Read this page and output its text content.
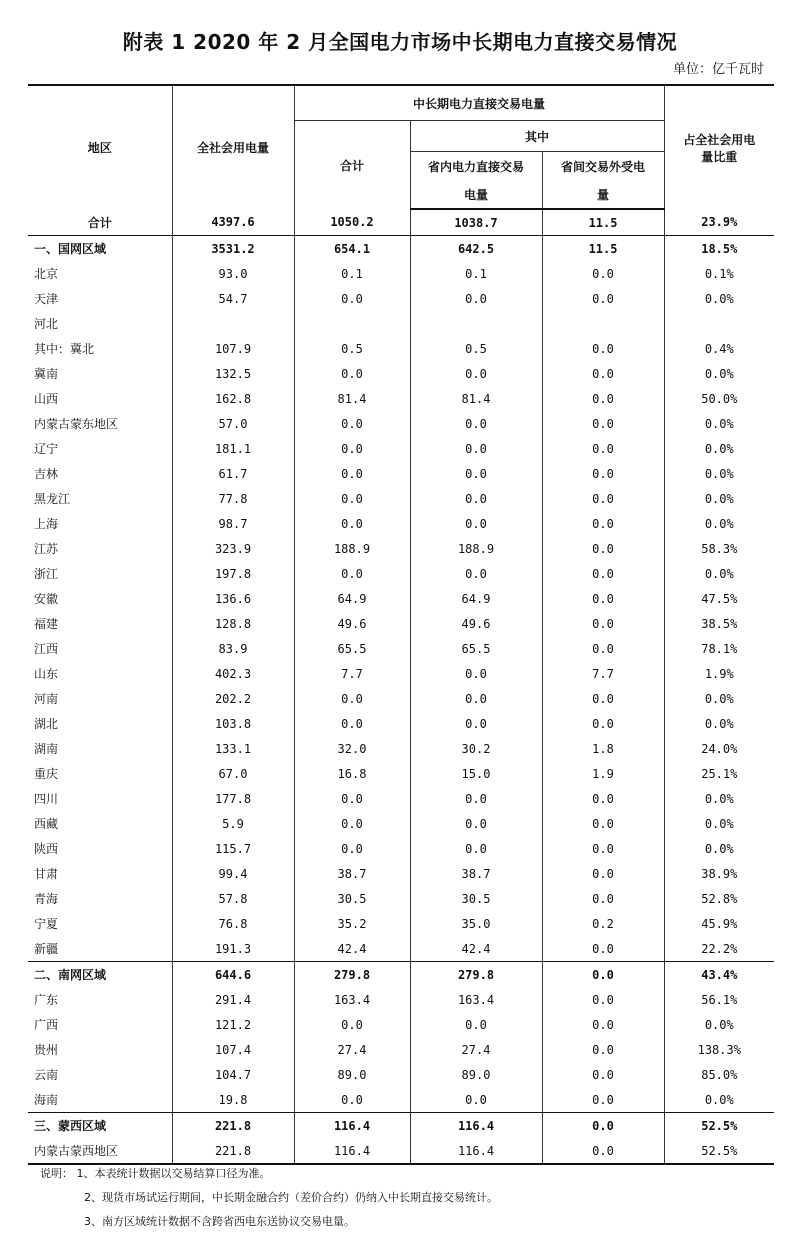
附表 1 2020 年 2 月全国电力市场中长期电力直接交易情况
单位：亿千瓦时
地区	全社会用电量	中长期电力直接交易电量			占全社会用电
量比重
		合计	其中		
			省内电力直接交易	省间交易外受电	
			电量	量	
合计	4397.6	1050.2	1038.7	11.5	23.9%
一、国网区域	3531.2	654.1	642.5	11.5	18.5%
北京	93.0	0.1	0.1	0.0	0.1%
天津	54.7	0.0	0.0	0.0	0.0%
河北					
其中：冀北	107.9	0.5	0.5	0.0	0.4%
冀南	132.5	0.0	0.0	0.0	0.0%
山西	162.8	81.4	81.4	0.0	50.0%
内蒙古蒙东地区	57.0	0.0	0.0	0.0	0.0%
辽宁	181.1	0.0	0.0	0.0	0.0%
吉林	61.7	0.0	0.0	0.0	0.0%
黑龙江	77.8	0.0	0.0	0.0	0.0%
上海	98.7	0.0	0.0	0.0	0.0%
江苏	323.9	188.9	188.9	0.0	58.3%
浙江	197.8	0.0	0.0	0.0	0.0%
安徽	136.6	64.9	64.9	0.0	47.5%
福建	128.8	49.6	49.6	0.0	38.5%
江西	83.9	65.5	65.5	0.0	78.1%
山东	402.3	7.7	0.0	7.7	1.9%
河南	202.2	0.0	0.0	0.0	0.0%
湖北	103.8	0.0	0.0	0.0	0.0%
湖南	133.1	32.0	30.2	1.8	24.0%
重庆	67.0	16.8	15.0	1.9	25.1%
四川	177.8	0.0	0.0	0.0	0.0%
西藏	5.9	0.0	0.0	0.0	0.0%
陕西	115.7	0.0	0.0	0.0	0.0%
甘肃	99.4	38.7	38.7	0.0	38.9%
青海	57.8	30.5	30.5	0.0	52.8%
宁夏	76.8	35.2	35.0	0.2	45.9%
新疆	191.3	42.4	42.4	0.0	22.2%
二、南网区域	644.6	279.8	279.8	0.0	43.4%
广东	291.4	163.4	163.4	0.0	56.1%
广西	121.2	0.0	0.0	0.0	0.0%
贵州	107.4	27.4	27.4	0.0	138.3%
云南	104.7	89.0	89.0	0.0	85.0%
海南	19.8	0.0	0.0	0.0	0.0%
三、蒙西区域	221.8	116.4	116.4	0.0	52.5%
内蒙古蒙西地区	221.8	116.4	116.4	0.0	52.5%
说明： 1、本表统计数据以交易结算口径为准。
2、现货市场试运行期间，中长期金融合约（差价合约）仍纳入中长期直接交易统计。
3、南方区域统计数据不含跨省西电东送协议交易电量。
